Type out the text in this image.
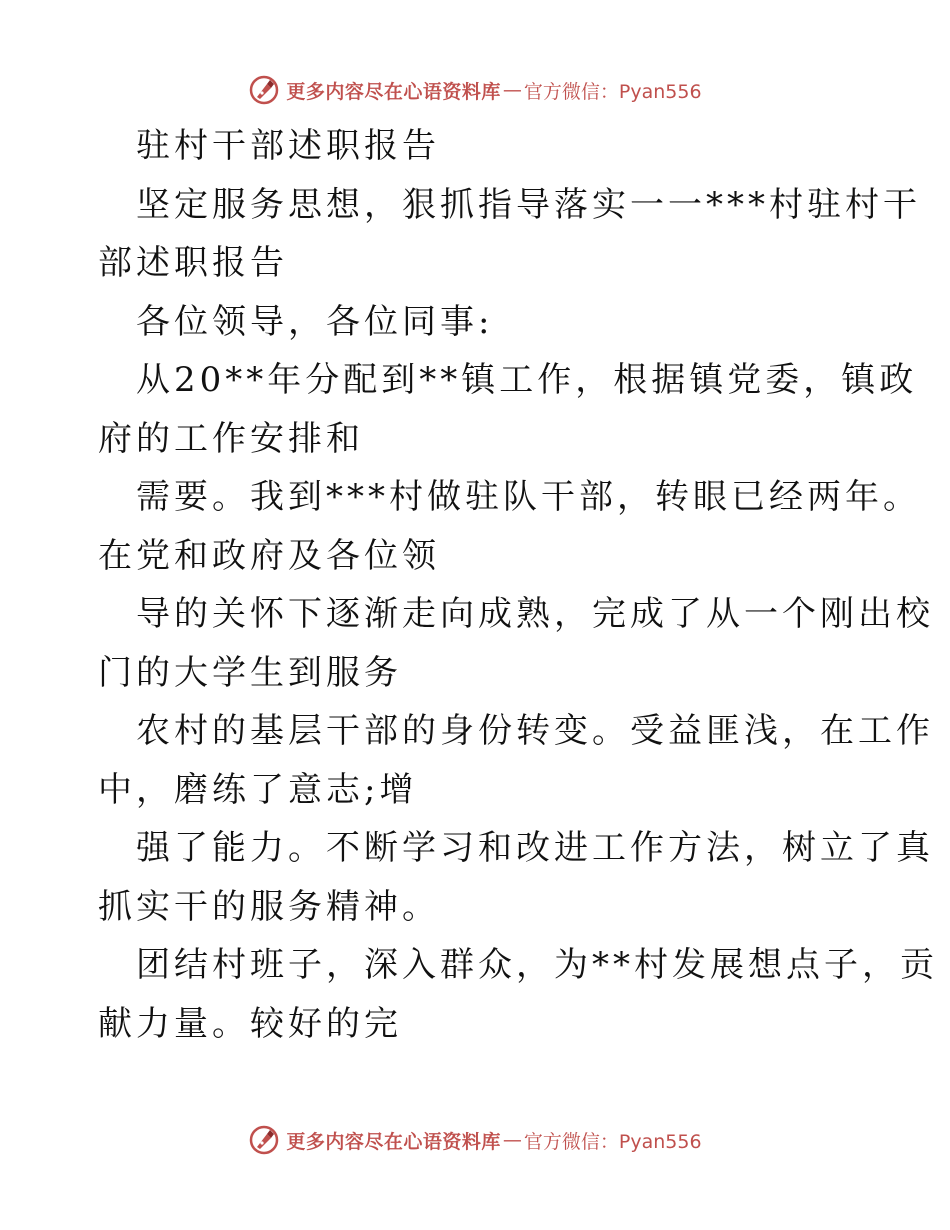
更多内容尽在心语资料库 — 官方微信：Pyan556
驻村干部述职报告
坚定服务思想，狠抓指导落实一一***村驻村干
部述职报告
各位领导，各位同事:
从20**年分配到**镇工作，根据镇党委，镇政
府的工作安排和
需要。我到***村做驻队干部，转眼已经两年。
在党和政府及各位领
导的关怀下逐渐走向成熟，完成了从一个刚出校
门的大学生到服务
农村的基层干部的身份转变。受益匪浅，在工作
中，磨练了意志;增
强了能力。不断学习和改进工作方法，树立了真
抓实干的服务精神。
团结村班子，深入群众，为**村发展想点子，贡
献力量。较好的完
更多内容尽在心语资料库 — 官方微信：Pyan556
